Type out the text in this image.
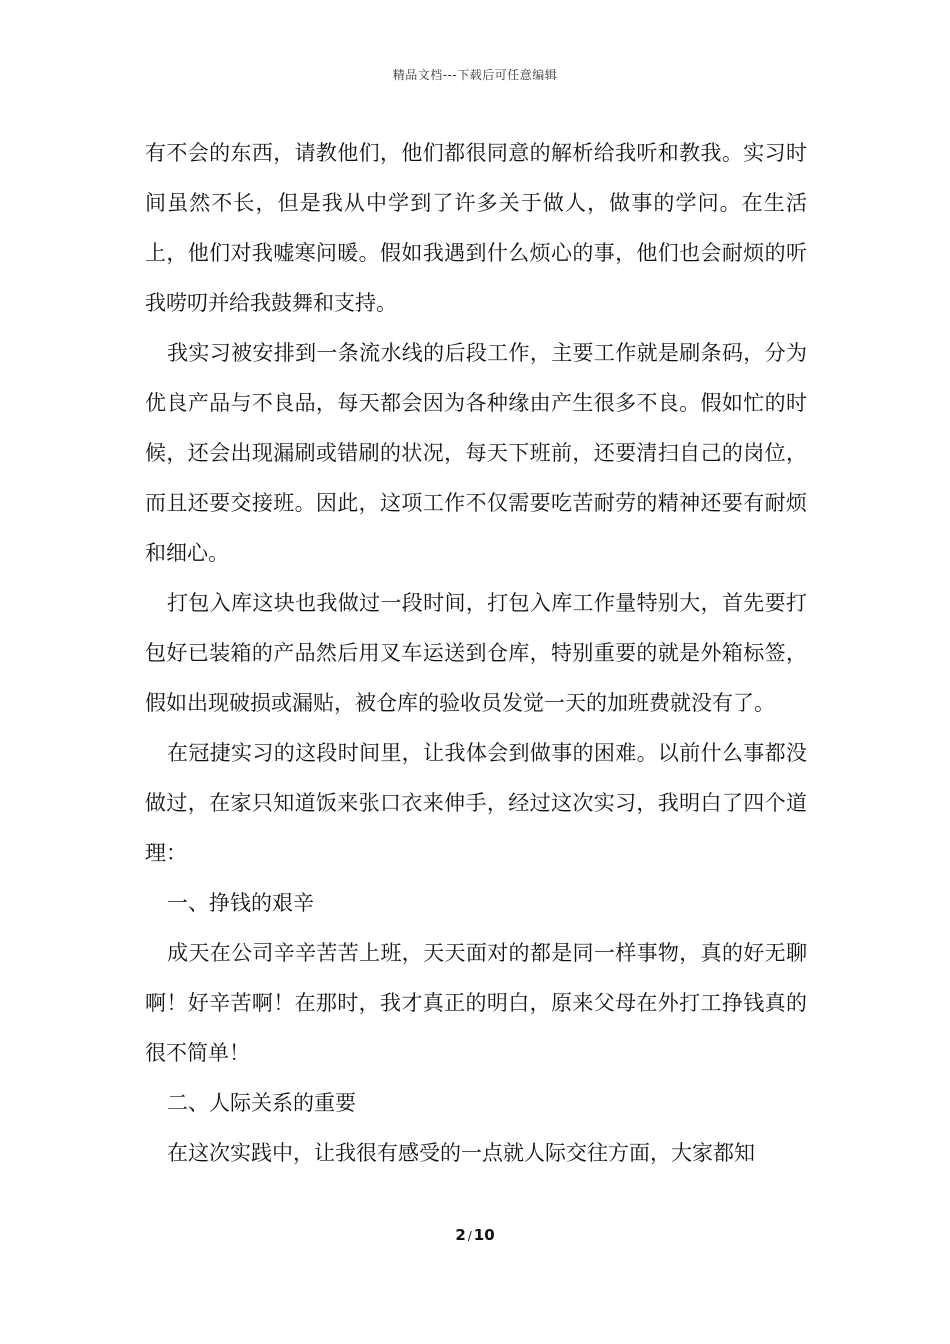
精品文档---下载后可任意编辑

有不会的东西，请教他们，他们都很同意的解析给我听和教我。实习时间虽然不长，但是我从中学到了许多关于做人，做事的学问。在生活上，他们对我嘘寒问暖。假如我遇到什么烦心的事，他们也会耐烦的听我唠叨并给我鼓舞和支持。

我实习被安排到一条流水线的后段工作，主要工作就是刷条码，分为优良产品与不良品，每天都会因为各种缘由产生很多不良。假如忙的时候，还会出现漏刷或错刷的状况，每天下班前，还要清扫自己的岗位，而且还要交接班。因此，这项工作不仅需要吃苦耐劳的精神还要有耐烦和细心。

打包入库这块也我做过一段时间，打包入库工作量特别大，首先要打包好已装箱的产品然后用叉车运送到仓库，特别重要的就是外箱标签，假如出现破损或漏贴，被仓库的验收员发觉一天的加班费就没有了。

在冠捷实习的这段时间里，让我体会到做事的困难。以前什么事都没做过，在家只知道饭来张口衣来伸手，经过这次实习，我明白了四个道理：

一、挣钱的艰辛

成天在公司辛辛苦苦上班，天天面对的都是同一样事物，真的好无聊啊！好辛苦啊！在那时，我才真正的明白，原来父母在外打工挣钱真的很不简单！

二、人际关系的重要

在这次实践中，让我很有感受的一点就人际交往方面，大家都知

2 / 10
